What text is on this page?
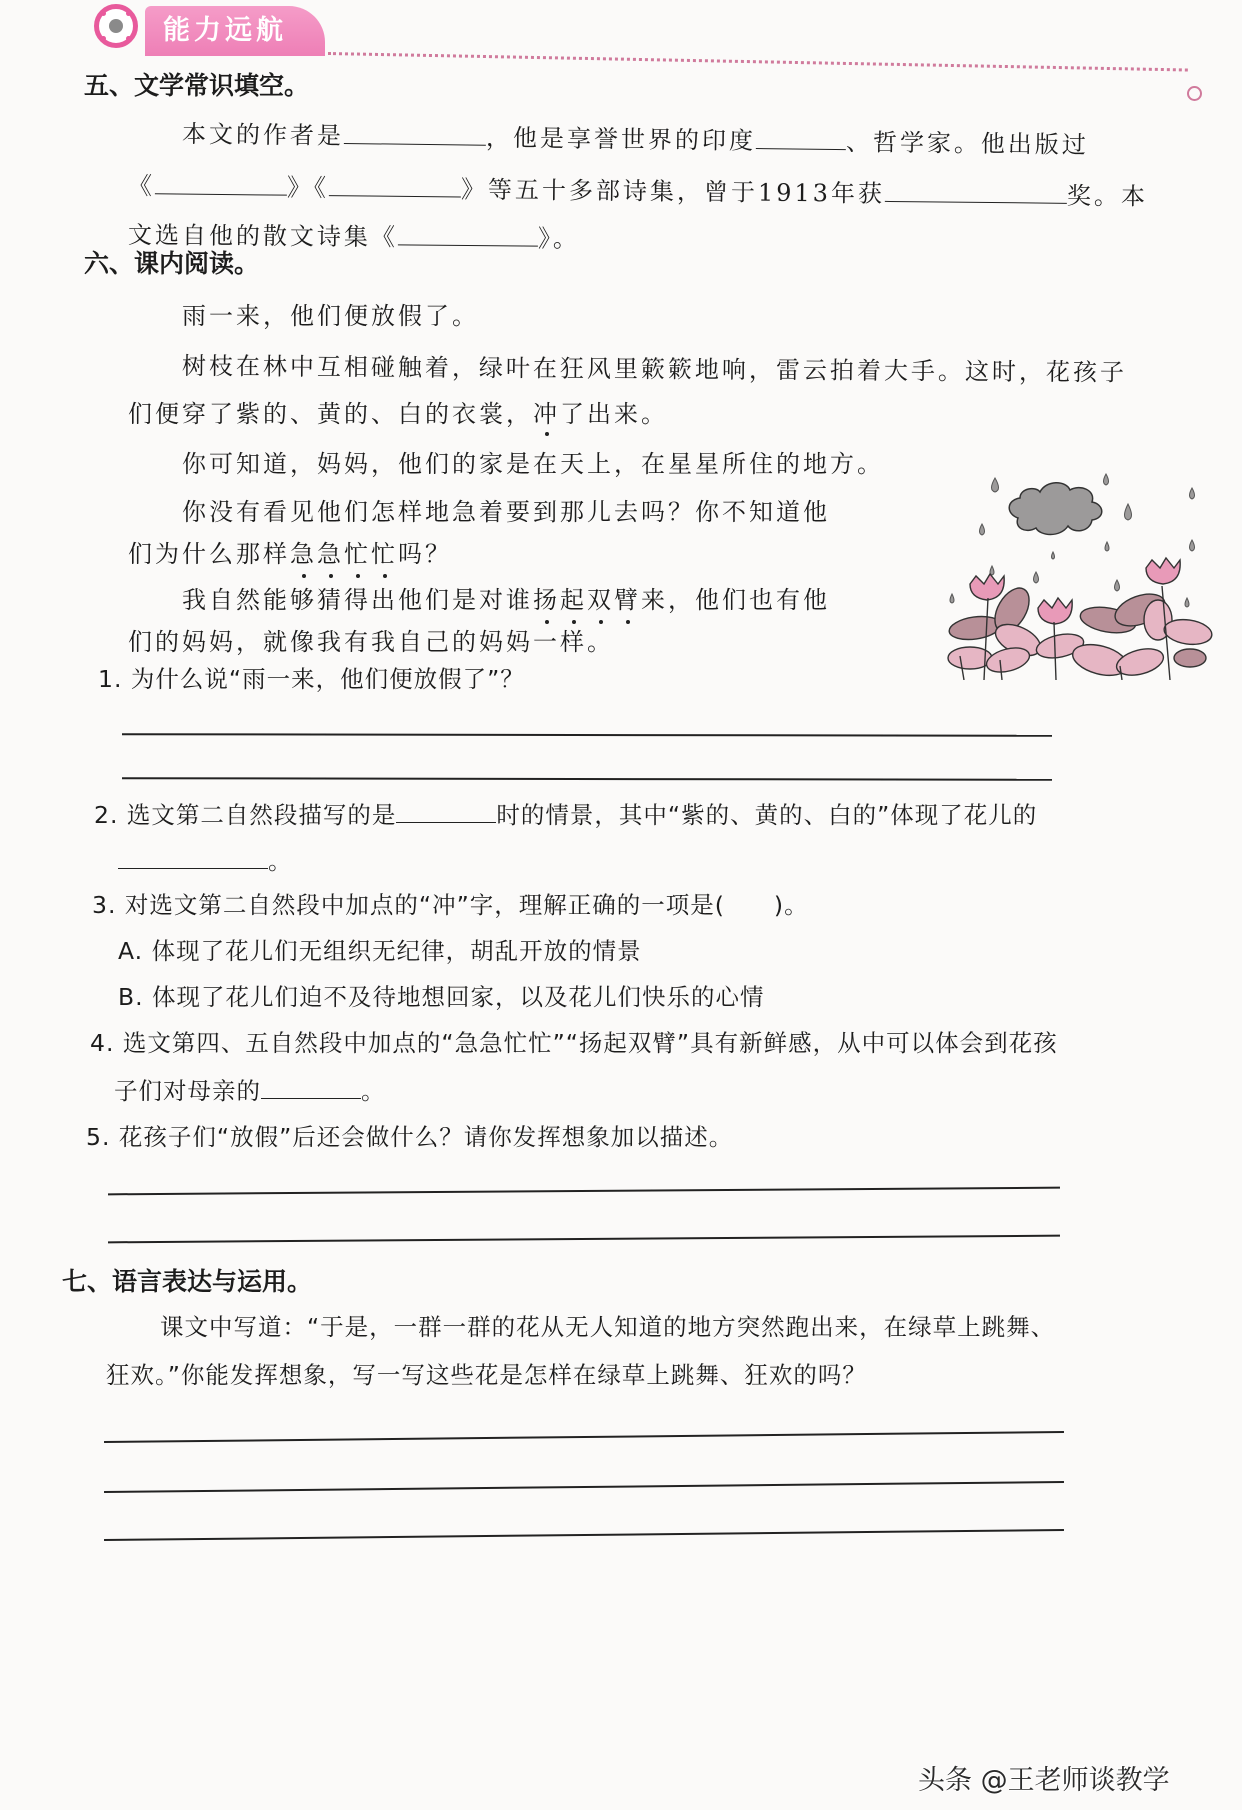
能力远航
五、文学常识填空。
本文的作者是	，他是享誉世界的印度	、哲学家。他出版过
《	》《	》等五十多部诗集，曾于1913年获	奖。本
文选自他的散文诗集《	》。
六、课内阅读。
雨一来，他们便放假了。
树枝在林中互相碰触着，绿叶在狂风里簌簌地响，雷云拍着大手。这时，花孩子
们便穿了紫的、黄的、白的衣裳，冲了出来。
你可知道，妈妈，他们的家是在天上，在星星所住的地方。
你没有看见他们怎样地急着要到那儿去吗？你不知道他
们为什么那样急急忙忙
吗？
我自然能够猜得出他们是对谁扬起双臂
来，他们也有他
们的妈妈，就像我有我自己的妈妈一样。
1. 为什么说“雨一来，他们便放假了”？
2. 选文第二自然段描写的是	时的情景，其中“紫的、黄的、白的”体现了花儿的
。
3. 对选文第二自然段中加点的“冲”字，理解正确的一项是(　　)。
A. 体现了花儿们无组织无纪律，胡乱开放的情景
B. 体现了花儿们迫不及待地想回家，以及花儿们快乐的心情
4. 选文第四、五自然段中加点的“急急忙忙”“扬起双臂”具有新鲜感，从中可以体会到花孩
子们对母亲的	。
5. 花孩子们“放假”后还会做什么？请你发挥想象加以描述。
七、语言表达与运用。
课文中写道：“于是，一群一群的花从无人知道的地方突然跑出来，在绿草上跳舞、
狂欢。”你能发挥想象，写一写这些花是怎样在绿草上跳舞、狂欢的吗？
头条 @王老师谈教学
